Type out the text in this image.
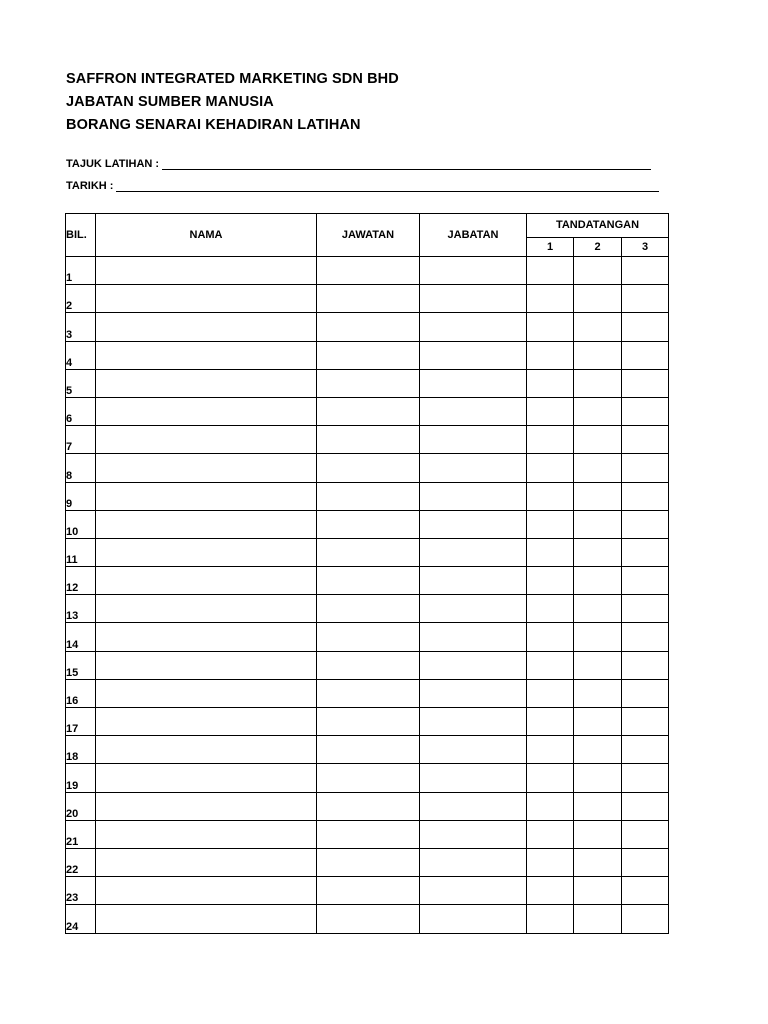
SAFFRON INTEGRATED MARKETING SDN BHD
JABATAN SUMBER MANUSIA
BORANG SENARAI KEHADIRAN LATIHAN
TAJUK LATIHAN :
TARIKH :
BIL.	NAMA	JAWATAN	JABATAN	TANDATANGAN		
				1	2	3
1						
2						
3						
4						
5						
6						
7						
8						
9						
10						
11						
12						
13						
14						
15						
16						
17						
18						
19						
20						
21						
22						
23						
24						
